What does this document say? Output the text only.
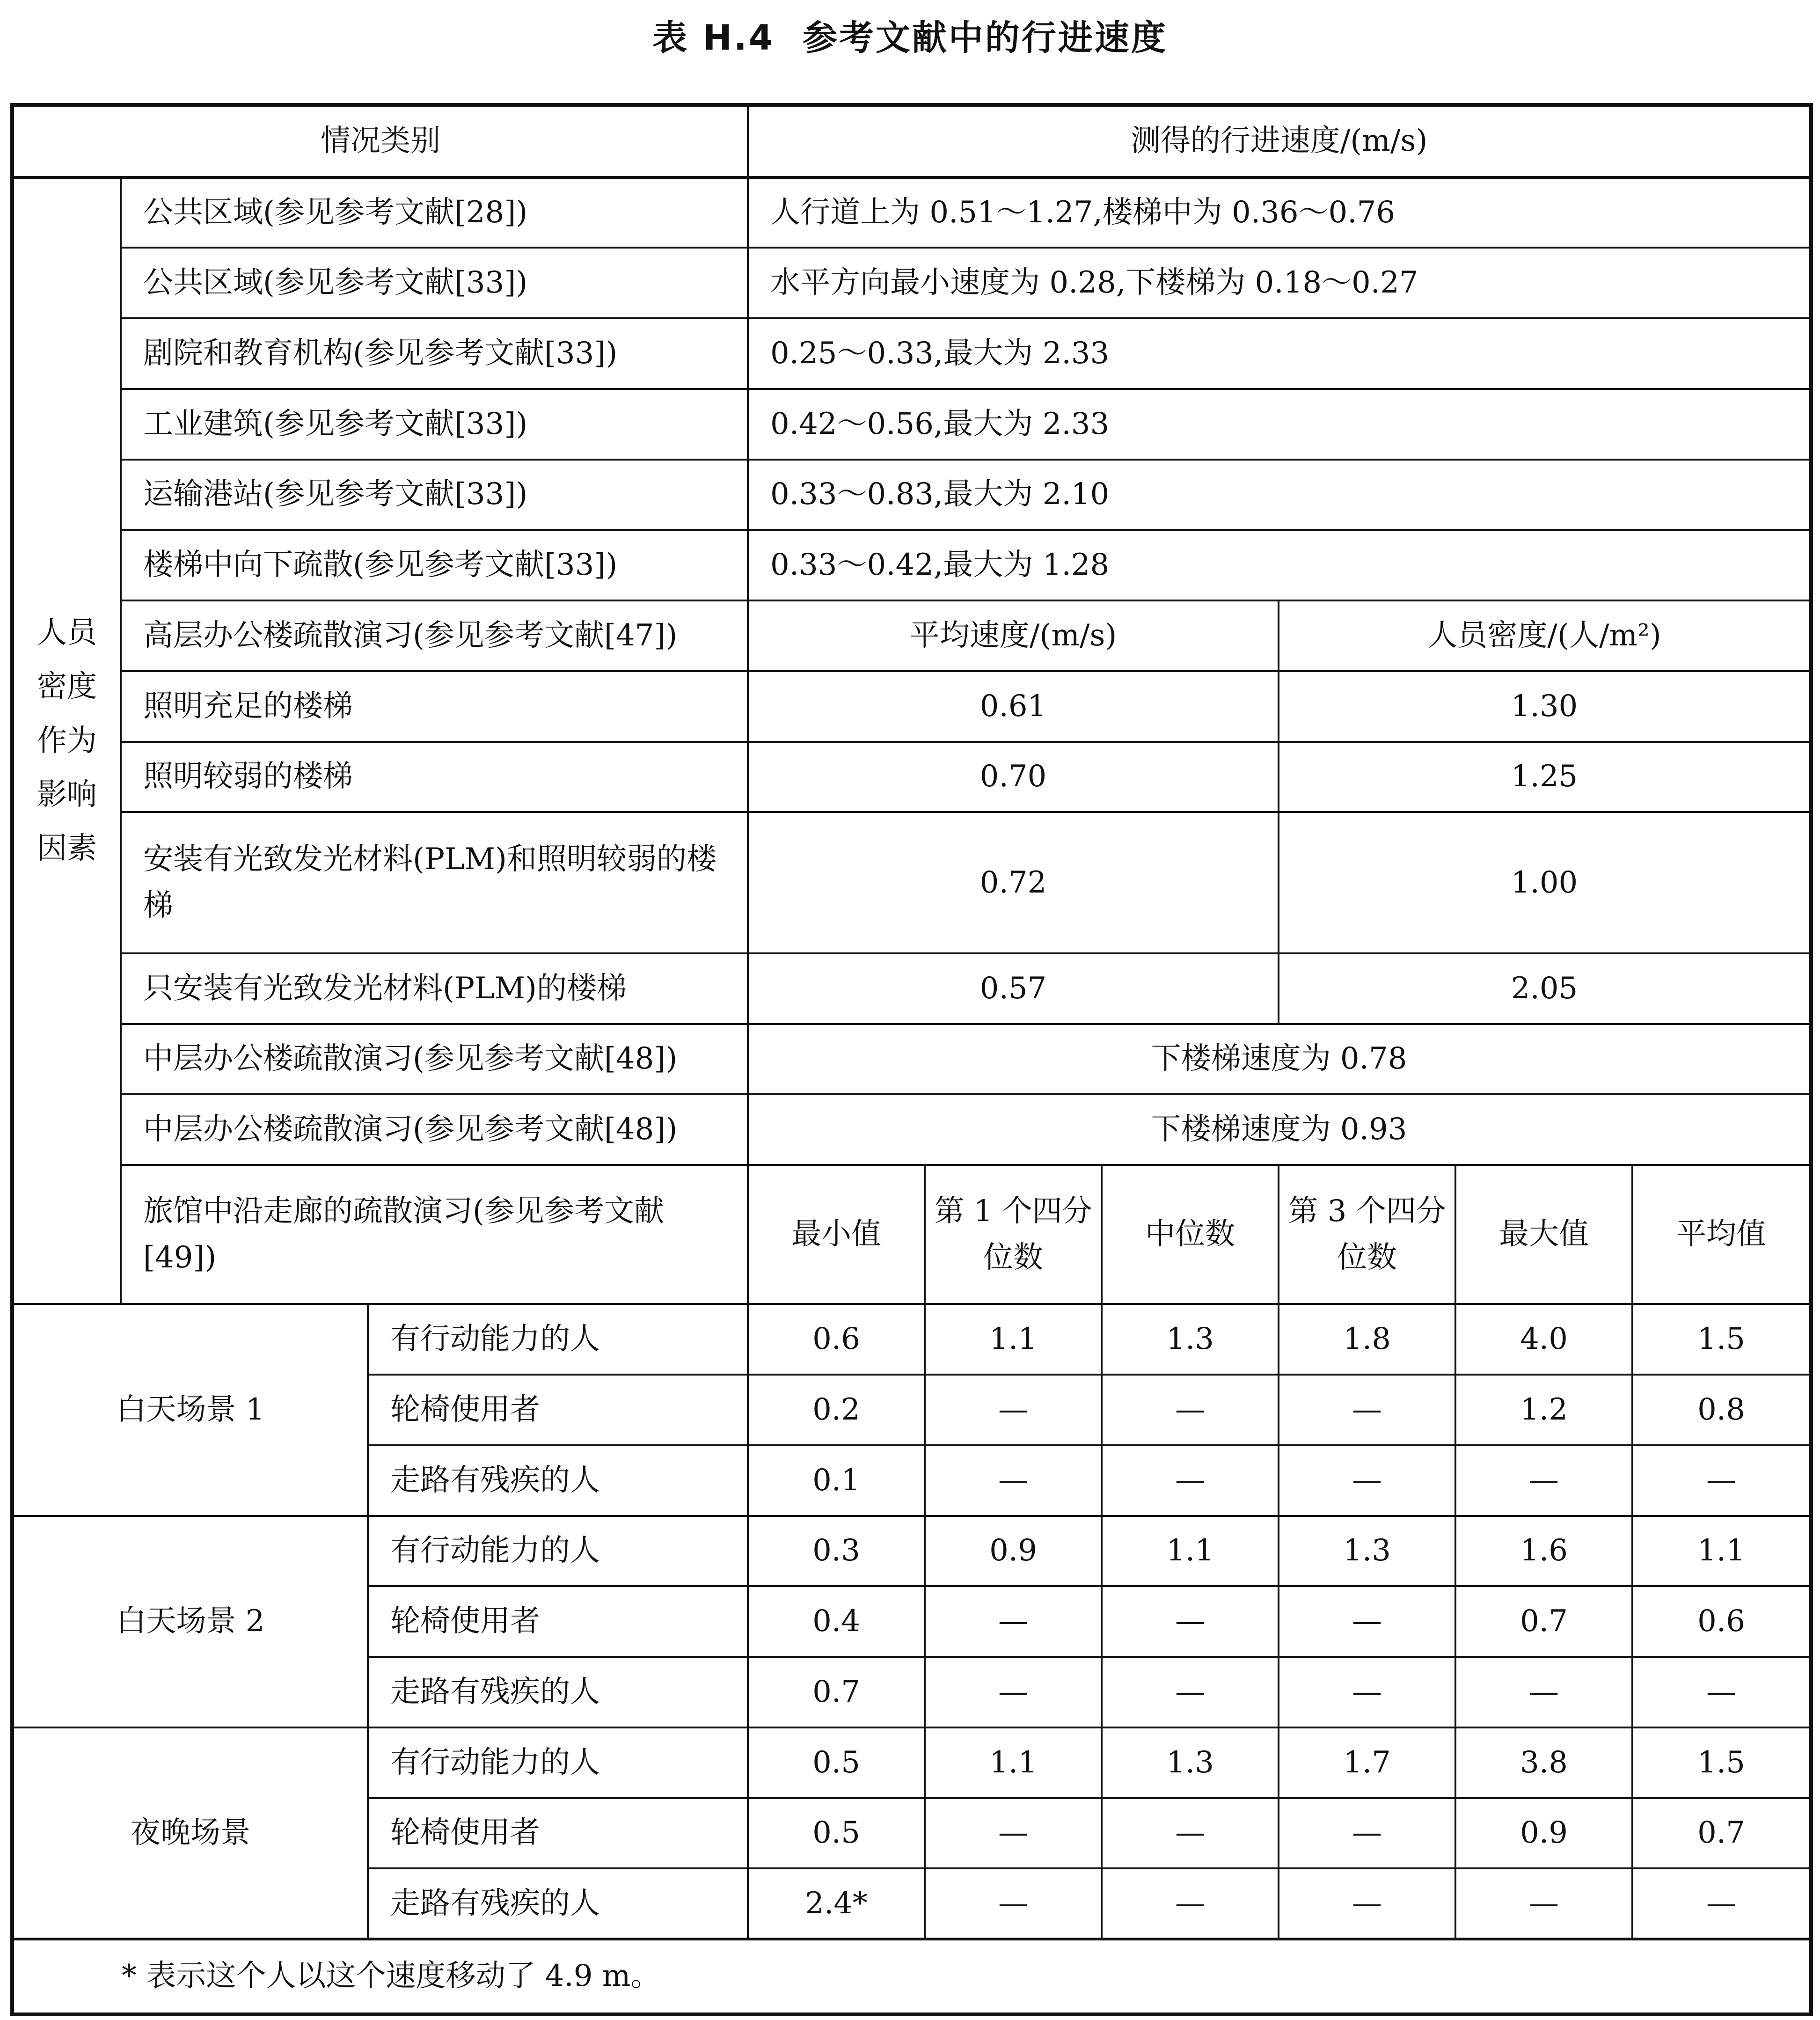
表 H.4  参考文献中的行进速度
情况类别			测得的行进速度/(m/s)					

人员
密度
作为
影响
因素	公共区域(参见参考文献[28])		人行道上为 0.51～1.27,楼梯中为 0.36～0.76					
	公共区域(参见参考文献[33])		水平方向最小速度为 0.28,下楼梯为 0.18～0.27					
	剧院和教育机构(参见参考文献[33])		0.25～0.33,最大为 2.33					
	工业建筑(参见参考文献[33])		0.42～0.56,最大为 2.33					
	运输港站(参见参考文献[33])		0.33～0.83,最大为 2.10					
	楼梯中向下疏散(参见参考文献[33])		0.33～0.42,最大为 1.28					
	高层办公楼疏散演习(参见参考文献[47])		平均速度/(m/s)			人员密度/(人/m²)		
	照明充足的楼梯		0.61			1.30		
	照明较弱的楼梯		0.70			1.25		
	安装有光致发光材料(PLM)和照明较弱的楼梯		0.72			1.00		
	只安装有光致发光材料(PLM)的楼梯		0.57			2.05		
	中层办公楼疏散演习(参见参考文献[48])		下楼梯速度为 0.78					
	中层办公楼疏散演习(参见参考文献[48])		下楼梯速度为 0.93					
	旅馆中沿走廊的疏散演习(参见参考文献[49])		最小值	第 1 个四分位数	中位数	第 3 个四分位数	最大值	平均值
白天场景 1		有行动能力的人	0.6	1.1	1.3	1.8	4.0	1.5
		轮椅使用者	0.2	—	—	—	1.2	0.8
		走路有残疾的人	0.1	—	—	—	—	—
白天场景 2		有行动能力的人	0.3	0.9	1.1	1.3	1.6	1.1
		轮椅使用者	0.4	—	—	—	0.7	0.6
		走路有残疾的人	0.7	—	—	—	—	—
夜晚场景		有行动能力的人	0.5	1.1	1.3	1.7	3.8	1.5
		轮椅使用者	0.5	—	—	—	0.9	0.7
		走路有残疾的人	2.4*	—	—	—	—	—
* 表示这个人以这个速度移动了 4.9 m。								
